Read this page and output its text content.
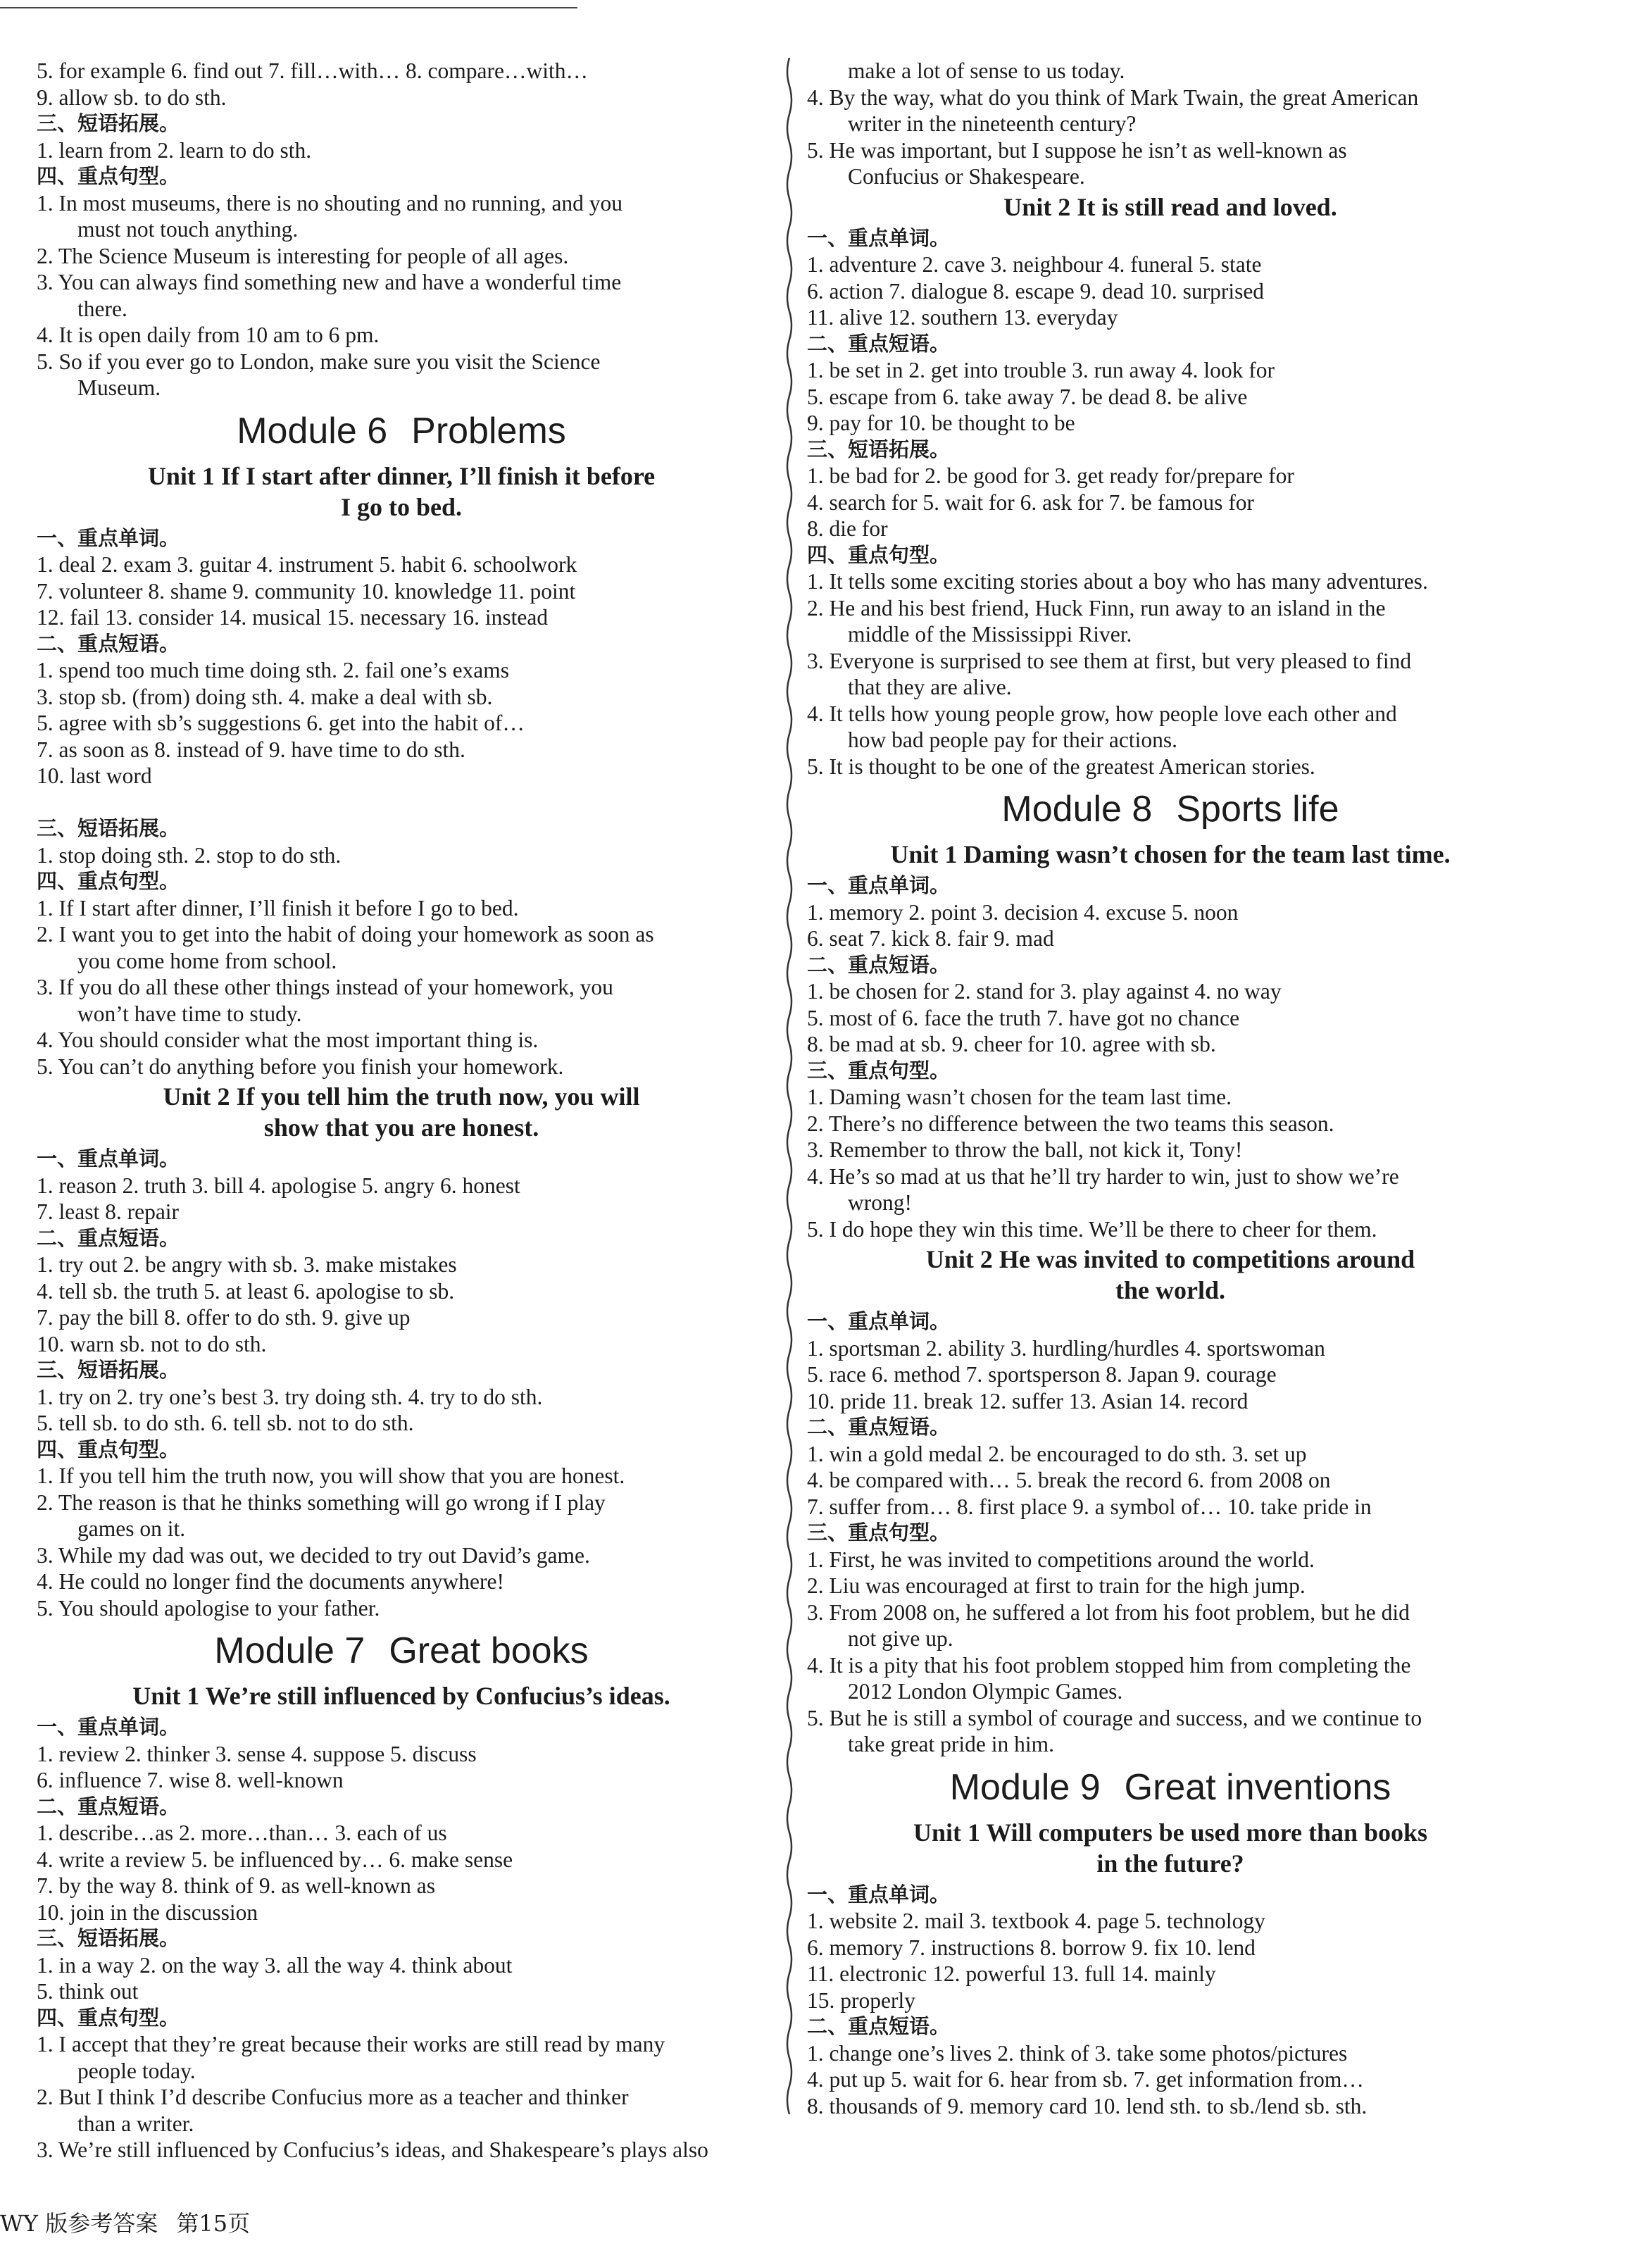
5. for example 6. find out 7. fill…with… 8. compare…with…
9. allow sb. to do sth.
三、短语拓展。
1. learn from 2. learn to do sth.
四、重点句型。
1. In most museums, there is no shouting and no running, and you
must not touch anything.
2. The Science Museum is interesting for people of all ages.
3. You can always find something new and have a wonderful time
there.
4. It is open daily from 10 am to 6 pm.
5. So if you ever go to London, make sure you visit the Science
Museum.
Module 6 Problems
Unit 1 If I start after dinner, I’ll finish it before
I go to bed.
一、重点单词。
1. deal 2. exam 3. guitar 4. instrument 5. habit 6. schoolwork
7. volunteer 8. shame 9. community 10. knowledge 11. point
12. fail 13. consider 14. musical 15. necessary 16. instead
二、重点短语。
1. spend too much time doing sth. 2. fail one’s exams
3. stop sb. (from) doing sth. 4. make a deal with sb.
5. agree with sb’s suggestions 6. get into the habit of…
7. as soon as 8. instead of 9. have time to do sth.
10. last word

三、短语拓展。
1. stop doing sth. 2. stop to do sth.
四、重点句型。
1. If I start after dinner, I’ll finish it before I go to bed.
2. I want you to get into the habit of doing your homework as soon as
you come home from school.
3. If you do all these other things instead of your homework, you
won’t have time to study.
4. You should consider what the most important thing is.
5. You can’t do anything before you finish your homework.
Unit 2 If you tell him the truth now, you will
show that you are honest.
一、重点单词。
1. reason 2. truth 3. bill 4. apologise 5. angry 6. honest
7. least 8. repair
二、重点短语。
1. try out 2. be angry with sb. 3. make mistakes
4. tell sb. the truth 5. at least 6. apologise to sb.
7. pay the bill 8. offer to do sth. 9. give up
10. warn sb. not to do sth.
三、短语拓展。
1. try on 2. try one’s best 3. try doing sth. 4. try to do sth.
5. tell sb. to do sth. 6. tell sb. not to do sth.
四、重点句型。
1. If you tell him the truth now, you will show that you are honest.
2. The reason is that he thinks something will go wrong if I play
games on it.
3. While my dad was out, we decided to try out David’s game.
4. He could no longer find the documents anywhere!
5. You should apologise to your father.
Module 7 Great books
Unit 1 We’re still influenced by Confucius’s ideas.
一、重点单词。
1. review 2. thinker 3. sense 4. suppose 5. discuss
6. influence 7. wise 8. well-known
二、重点短语。
1. describe…as 2. more…than… 3. each of us
4. write a review 5. be influenced by… 6. make sense
7. by the way 8. think of 9. as well-known as
10. join in the discussion
三、短语拓展。
1. in a way 2. on the way 3. all the way 4. think about
5. think out
四、重点句型。
1. I accept that they’re great because their works are still read by many
people today.
2. But I think I’d describe Confucius more as a teacher and thinker
than a writer.
3. We’re still influenced by Confucius’s ideas, and Shakespeare’s plays also
make a lot of sense to us today.
4. By the way, what do you think of Mark Twain, the great American
writer in the nineteenth century?
5. He was important, but I suppose he isn’t as well-known as
Confucius or Shakespeare.
Unit 2 It is still read and loved.
一、重点单词。
1. adventure 2. cave 3. neighbour 4. funeral 5. state
6. action 7. dialogue 8. escape 9. dead 10. surprised
11. alive 12. southern 13. everyday
二、重点短语。
1. be set in 2. get into trouble 3. run away 4. look for
5. escape from 6. take away 7. be dead 8. be alive
9. pay for 10. be thought to be
三、短语拓展。
1. be bad for 2. be good for 3. get ready for/prepare for
4. search for 5. wait for 6. ask for 7. be famous for
8. die for
四、重点句型。
1. It tells some exciting stories about a boy who has many adventures.
2. He and his best friend, Huck Finn, run away to an island in the
middle of the Mississippi River.
3. Everyone is surprised to see them at first, but very pleased to find
that they are alive.
4. It tells how young people grow, how people love each other and
how bad people pay for their actions.
5. It is thought to be one of the greatest American stories.
Module 8 Sports life
Unit 1 Daming wasn’t chosen for the team last time.
一、重点单词。
1. memory 2. point 3. decision 4. excuse 5. noon
6. seat 7. kick 8. fair 9. mad
二、重点短语。
1. be chosen for 2. stand for 3. play against 4. no way
5. most of 6. face the truth 7. have got no chance
8. be mad at sb. 9. cheer for 10. agree with sb.
三、重点句型。
1. Daming wasn’t chosen for the team last time.
2. There’s no difference between the two teams this season.
3. Remember to throw the ball, not kick it, Tony!
4. He’s so mad at us that he’ll try harder to win, just to show we’re
wrong!
5. I do hope they win this time. We’ll be there to cheer for them.
Unit 2 He was invited to competitions around
the world.
一、重点单词。
1. sportsman 2. ability 3. hurdling/hurdles 4. sportswoman
5. race 6. method 7. sportsperson 8. Japan 9. courage
10. pride 11. break 12. suffer 13. Asian 14. record
二、重点短语。
1. win a gold medal 2. be encouraged to do sth. 3. set up
4. be compared with… 5. break the record 6. from 2008 on
7. suffer from… 8. first place 9. a symbol of… 10. take pride in
三、重点句型。
1. First, he was invited to competitions around the world.
2. Liu was encouraged at first to train for the high jump.
3. From 2008 on, he suffered a lot from his foot problem, but he did
not give up.
4. It is a pity that his foot problem stopped him from completing the
2012 London Olympic Games.
5. But he is still a symbol of courage and success, and we continue to
take great pride in him.
Module 9 Great inventions
Unit 1 Will computers be used more than books
in the future?
一、重点单词。
1. website 2. mail 3. textbook 4. page 5. technology
6. memory 7. instructions 8. borrow 9. fix 10. lend
11. electronic 12. powerful 13. full 14. mainly
15. properly
二、重点短语。
1. change one’s lives 2. think of 3. take some photos/pictures
4. put up 5. wait for 6. hear from sb. 7. get information from…
8. thousands of 9. memory card 10. lend sth. to sb./lend sb. sth.
WY 版参考答案 第15页
